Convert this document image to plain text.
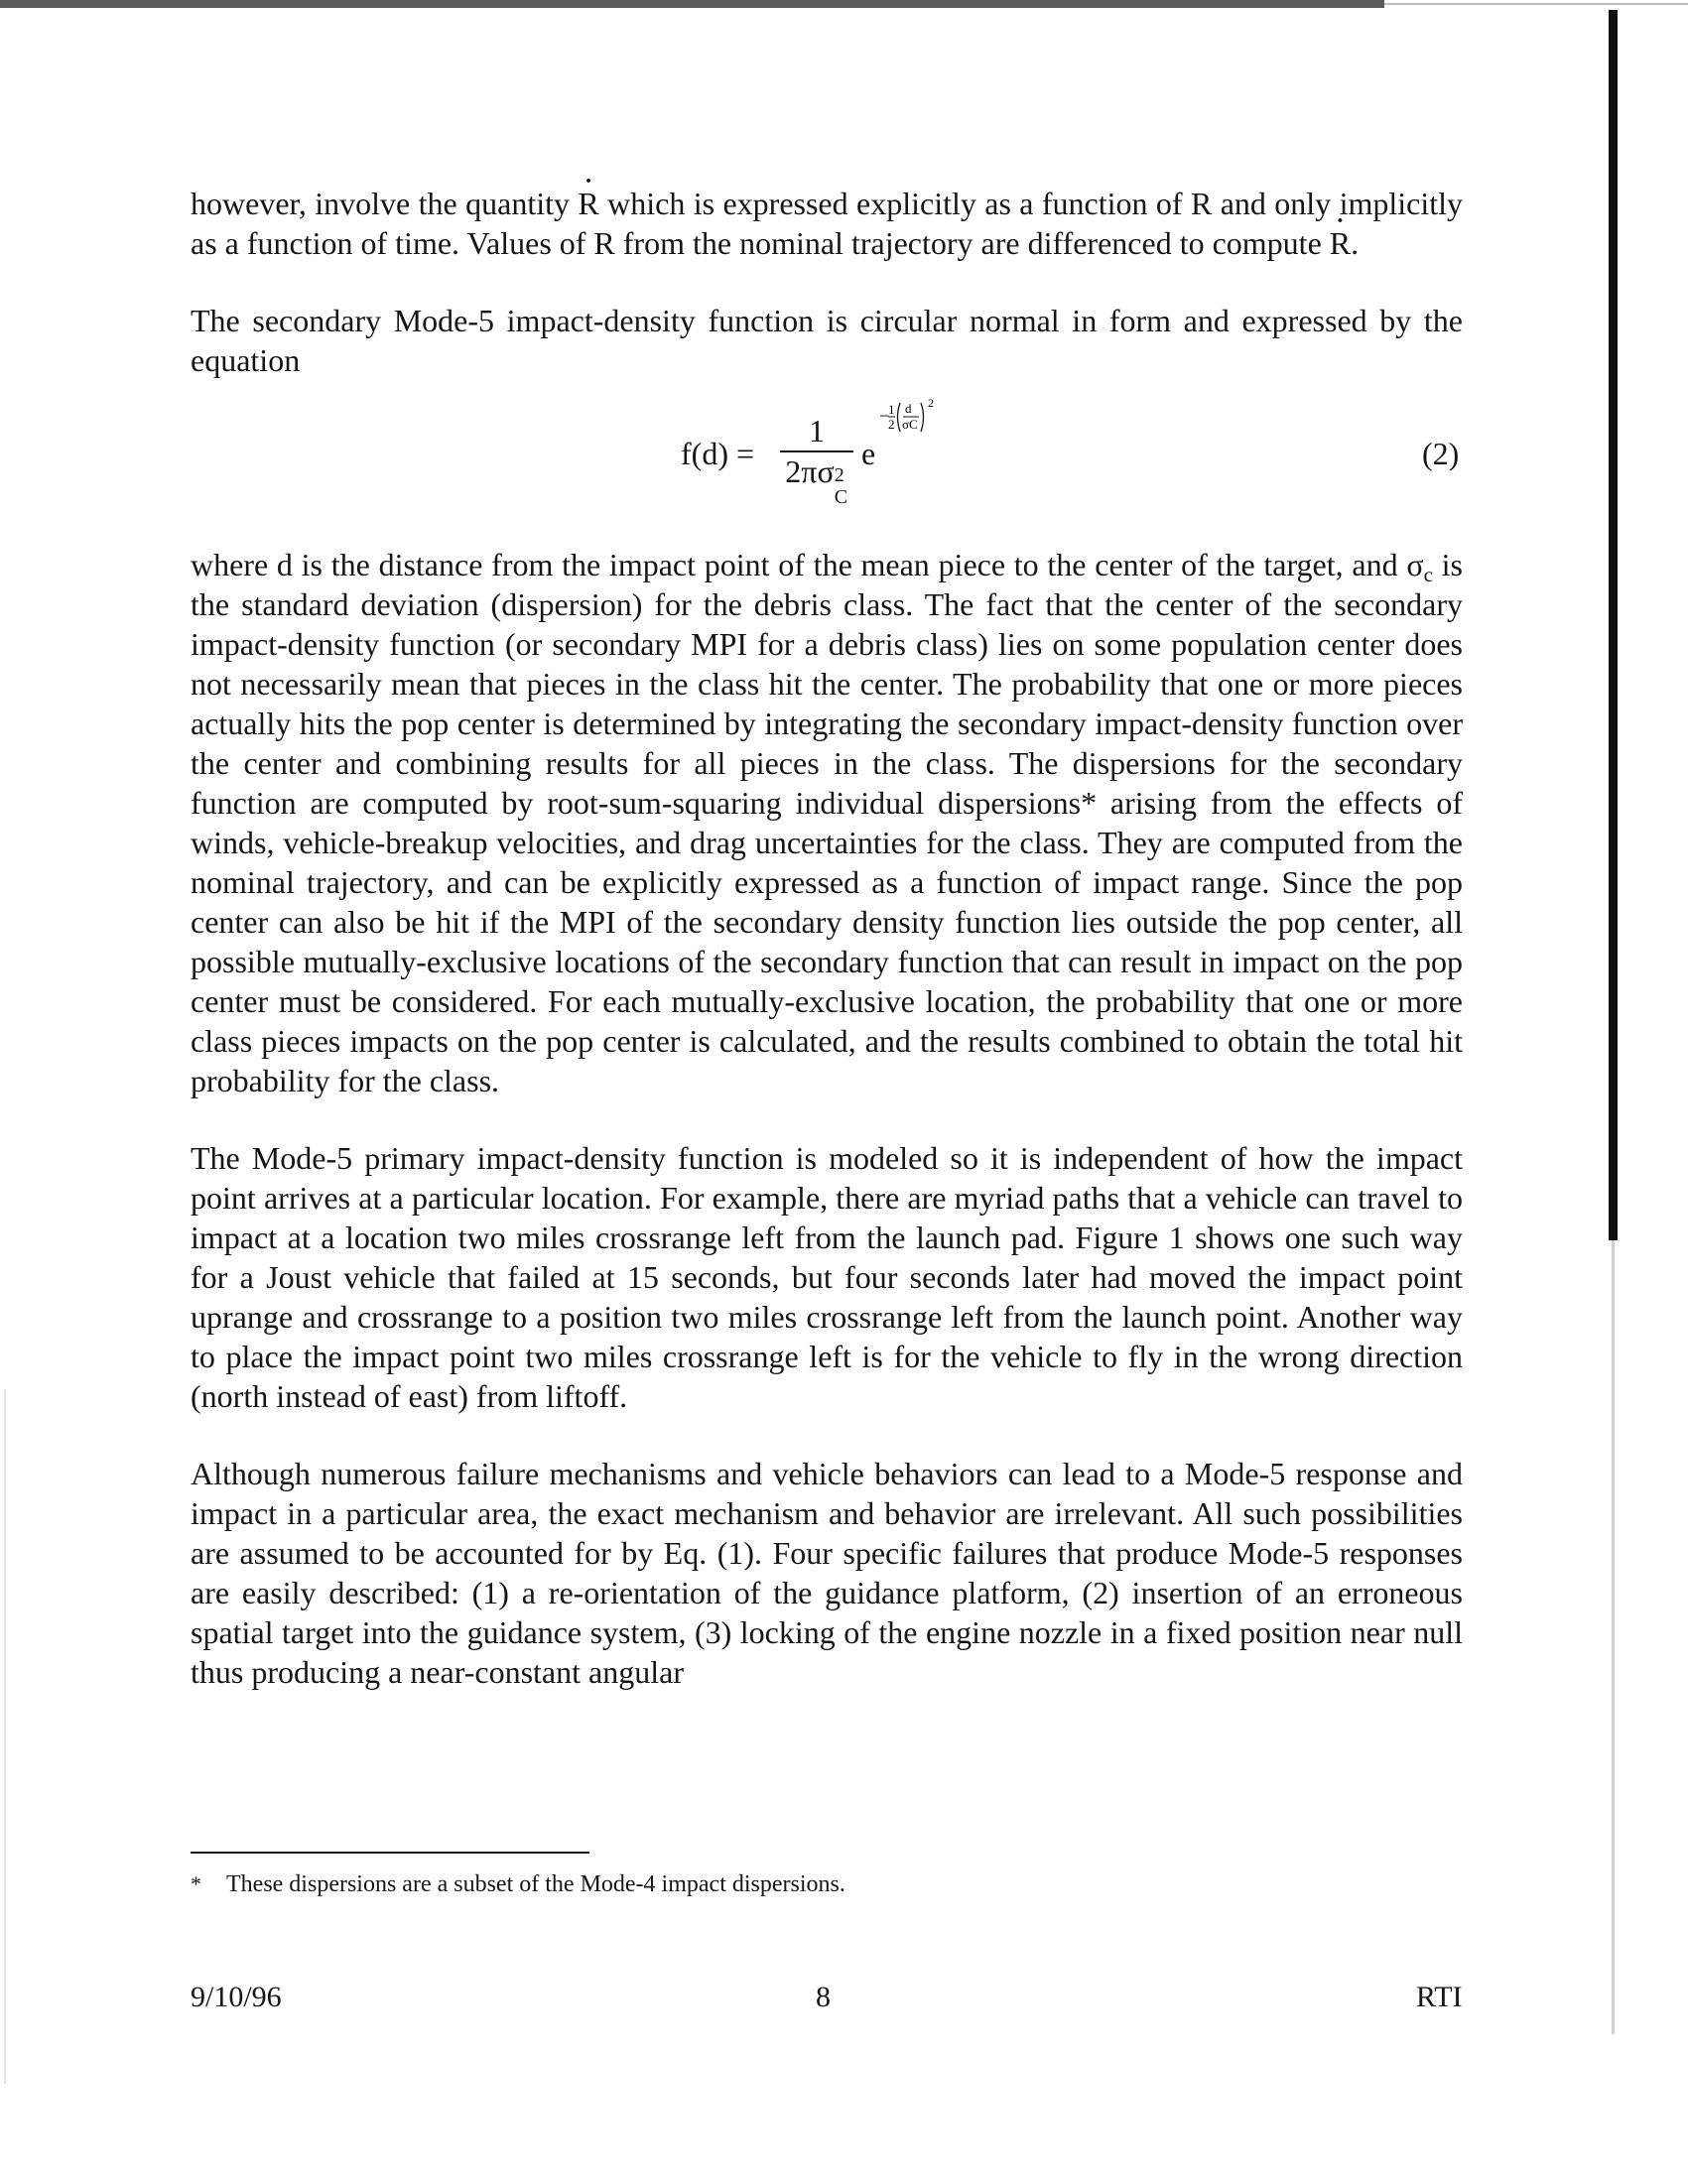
however, involve the quantity · R which is expressed explicitly as a function of R and only implicitly as a function of time. Values of R from the nominal trajectory are differenced to compute · R.

The secondary Mode-5 impact-density function is circular normal in form and expressed by the equation

f(d) =
1
2πσ 2
C
e
−
1
2
d
σC
2
(2)

where d is the distance from the impact point of the mean piece to the center of the target, and $\sigma_c$ is the standard deviation (dispersion) for the debris class. The fact that the center of the secondary impact-density function (or secondary MPI for a debris class) lies on some population center does not necessarily mean that pieces in the class hit the center. The probability that one or more pieces actually hits the pop center is determined by integrating the secondary impact-density function over the center and combining results for all pieces in the class. The dispersions for the secondary function are computed by root-sum-squaring individual dispersions* arising from the effects of winds, vehicle-breakup velocities, and drag uncertainties for the class. They are computed from the nominal trajectory, and can be explicitly expressed as a function of impact range. Since the pop center can also be hit if the MPI of the secondary density function lies outside the pop center, all possible mutually-exclusive locations of the secondary function that can result in impact on the pop center must be considered. For each mutually-exclusive location, the probability that one or more class pieces impacts on the pop center is calculated, and the results combined to obtain the total hit probability for the class.

The Mode-5 primary impact-density function is modeled so it is independent of how the impact point arrives at a particular location. For example, there are myriad paths that a vehicle can travel to impact at a location two miles crossrange left from the launch pad. Figure 1 shows one such way for a Joust vehicle that failed at 15 seconds, but four seconds later had moved the impact point uprange and crossrange to a position two miles crossrange left from the launch point. Another way to place the impact point two miles crossrange left is for the vehicle to fly in the wrong direction (north instead of east) from liftoff.

Although numerous failure mechanisms and vehicle behaviors can lead to a Mode-5 response and impact in a particular area, the exact mechanism and behavior are irrelevant. All such possibilities are assumed to be accounted for by Eq. (1). Four specific failures that produce Mode-5 responses are easily described: (1) a re-orientation of the guidance platform, (2) insertion of an erroneous spatial target into the guidance system, (3) locking of the engine nozzle in a fixed position near null thus producing a near-constant angular

* These dispersions are a subset of the Mode-4 impact dispersions.
9/10/96	8	RTI
